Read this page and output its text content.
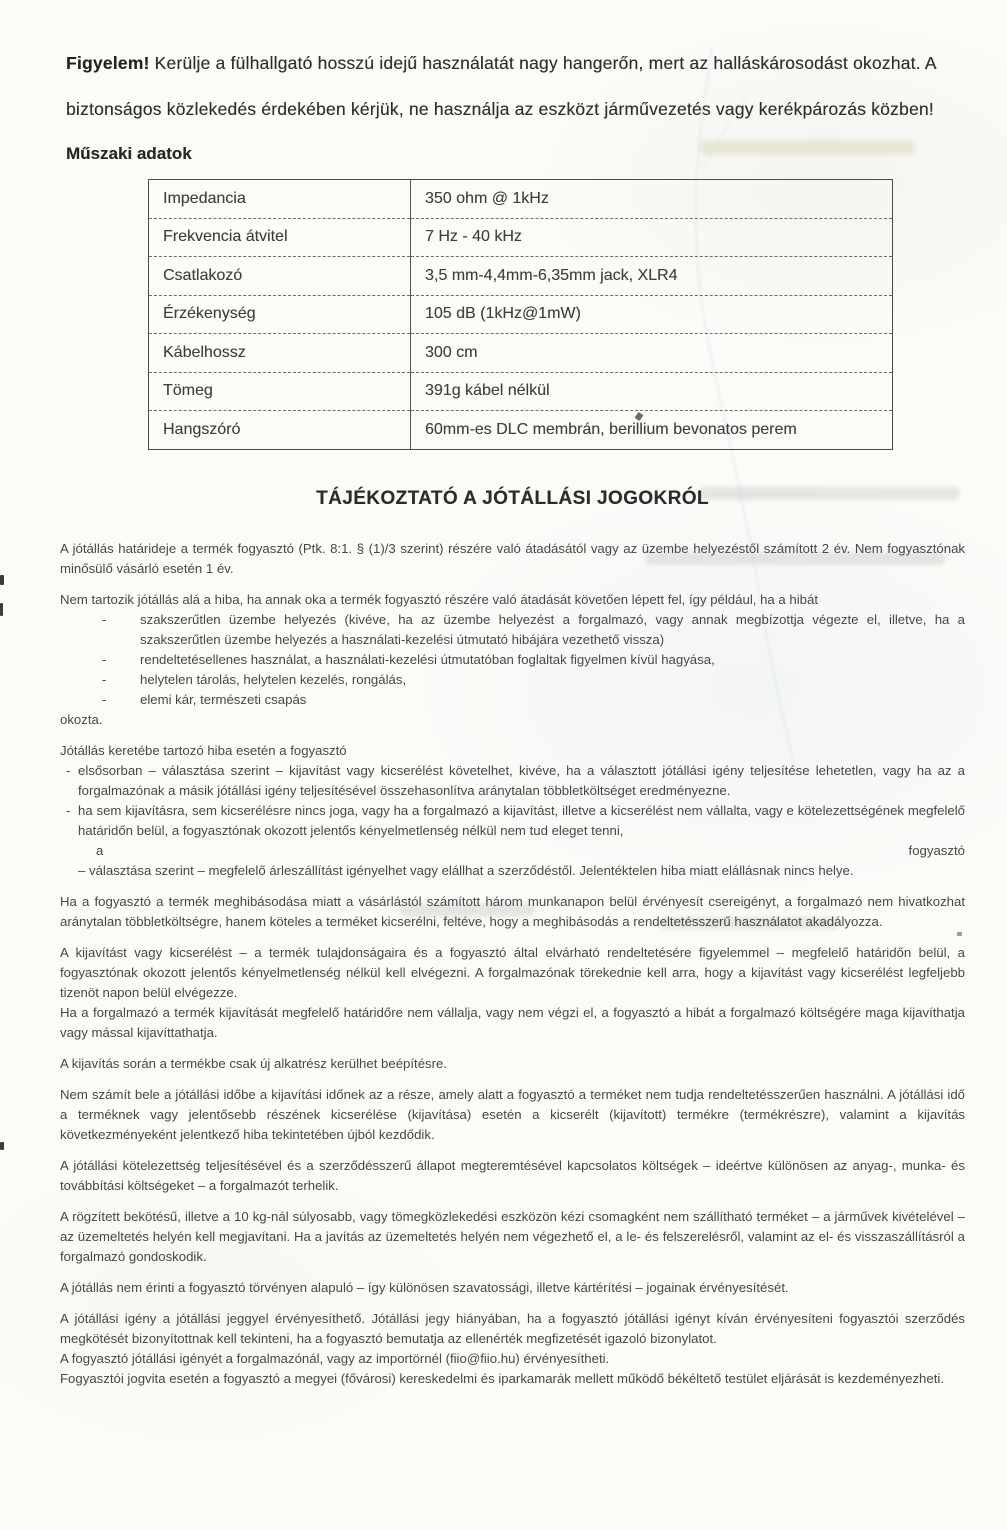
Figyelem! Kerülje a fülhallgató hosszú idejű használatát nagy hangerőn, mert az halláskárosodást okozhat. A biztonságos közlekedés érdekében kérjük, ne használja az eszközt járművezetés vagy kerékpározás közben!

Műszaki adatok
Impedancia	350 ohm @ 1kHz
Frekvencia átvitel	7 Hz - 40 kHz
Csatlakozó	3,5 mm-4,4mm-6,35mm jack, XLR4
Érzékenység	105 dB (1kHz@1mW)
Kábelhossz	300 cm
Tömeg	391g kábel nélkül
Hangszóró	60mm-es DLC membrán, berillium bevonatos perem
TÁJÉKOZTATÓ A JÓTÁLLÁSI JOGOKRÓL

A jótállás határideje a termék fogyasztó (Ptk. 8:1. § (1)/3 szerint) részére való átadásától vagy az üzembe helyezéstől számított 2 év. Nem fogyasztónak minősülő vásárló esetén 1 év.

Nem tartozik jótállás alá a hiba, ha annak oka a termék fogyasztó részére való átadását követően lépett fel, így például, ha a hibát

-	szakszerűtlen üzembe helyezés (kivéve, ha az üzembe helyezést a forgalmazó, vagy annak megbízottja végezte el, illetve, ha a szakszerűtlen üzembe helyezés a használati-kezelési útmutató hibájára vezethető vissza)
-	rendeltetésellenes használat, a használati-kezelési útmutatóban foglaltak figyelmen kívül hagyása,
-	helytelen tárolás, helytelen kezelés, rongálás,
-	elemi kár, természeti csapás
okozta.

Jótállás keretébe tartozó hiba esetén a fogyasztó

- elsősorban – választása szerint – kijavítást vagy kicserélést követelhet, kivéve, ha a választott jótállási igény teljesítése lehetetlen, vagy ha az a forgalmazónak a másik jótállási igény teljesítésével összehasonlítva aránytalan többletköltséget eredményezne.
- ha sem kijavításra, sem kicserélésre nincs joga, vagy ha a forgalmazó a kijavítást, illetve a kicserélést nem vállalta, vagy e kötelezettségének megfelelő határidőn belül, a fogyasztónak okozott jelentős kényelmetlenség nélkül nem tud eleget tenni,
a	fogyasztó
– választása szerint – megfelelő árleszállítást igényelhet vagy elállhat a szerződéstől. Jelentéktelen hiba miatt elállásnak nincs helye.

Ha a fogyasztó a termék meghibásodása miatt a vásárlástól számított három munkanapon belül érvényesít csereigényt, a forgalmazó nem hivatkozhat aránytalan többletköltségre, hanem köteles a terméket kicserélni, feltéve, hogy a meghibásodás a rendeltetésszerű használatot akadályozza.

A kijavítást vagy kicserélést – a termék tulajdonságaira és a fogyasztó által elvárható rendeltetésére figyelemmel – megfelelő határidőn belül, a fogyasztónak okozott jelentős kényelmetlenség nélkül kell elvégezni. A forgalmazónak törekednie kell arra, hogy a kijavítást vagy kicserélést legfeljebb tizenöt napon belül elvégezze.

Ha a forgalmazó a termék kijavítását megfelelő határidőre nem vállalja, vagy nem végzi el, a fogyasztó a hibát a forgalmazó költségére maga kijavíthatja vagy mással kijavíttathatja.

A kijavítás során a termékbe csak új alkatrész kerülhet beépítésre.

Nem számít bele a jótállási időbe a kijavítási időnek az a része, amely alatt a fogyasztó a terméket nem tudja rendeltetésszerűen használni. A jótállási idő a terméknek vagy jelentősebb részének kicserélése (kijavítása) esetén a kicserélt (kijavított) termékre (termékrészre), valamint a kijavítás következményeként jelentkező hiba tekintetében újból kezdődik.

A jótállási kötelezettség teljesítésével és a szerződésszerű állapot megteremtésével kapcsolatos költségek – ideértve különösen az anyag-, munka- és továbbítási költségeket – a forgalmazót terhelik.

A rögzített bekötésű, illetve a 10 kg-nál súlyosabb, vagy tömegközlekedési eszközön kézi csomagként nem szállítható terméket – a járművek kivételével – az üzemeltetés helyén kell megjavítani. Ha a javítás az üzemeltetés helyén nem végezhető el, a le- és felszerelésről, valamint az el- és visszaszállításról a forgalmazó gondoskodik.

A jótállás nem érinti a fogyasztó törvényen alapuló – így különösen szavatossági, illetve kártérítési – jogainak érvényesítését.

A jótállási igény a jótállási jeggyel érvényesíthető. Jótállási jegy hiányában, ha a fogyasztó jótállási igényt kíván érvényesíteni fogyasztói szerződés megkötését bizonyítottnak kell tekinteni, ha a fogyasztó bemutatja az ellenérték megfizetését igazoló bizonylatot.

A fogyasztó jótállási igényét a forgalmazónál, vagy az importörnél (fiio@fiio.hu) érvényesítheti.

Fogyasztói jogvita esetén a fogyasztó a megyei (fővárosi) kereskedelmi és iparkamarák mellett működő békéltető testület eljárását is kezdeményezheti.
